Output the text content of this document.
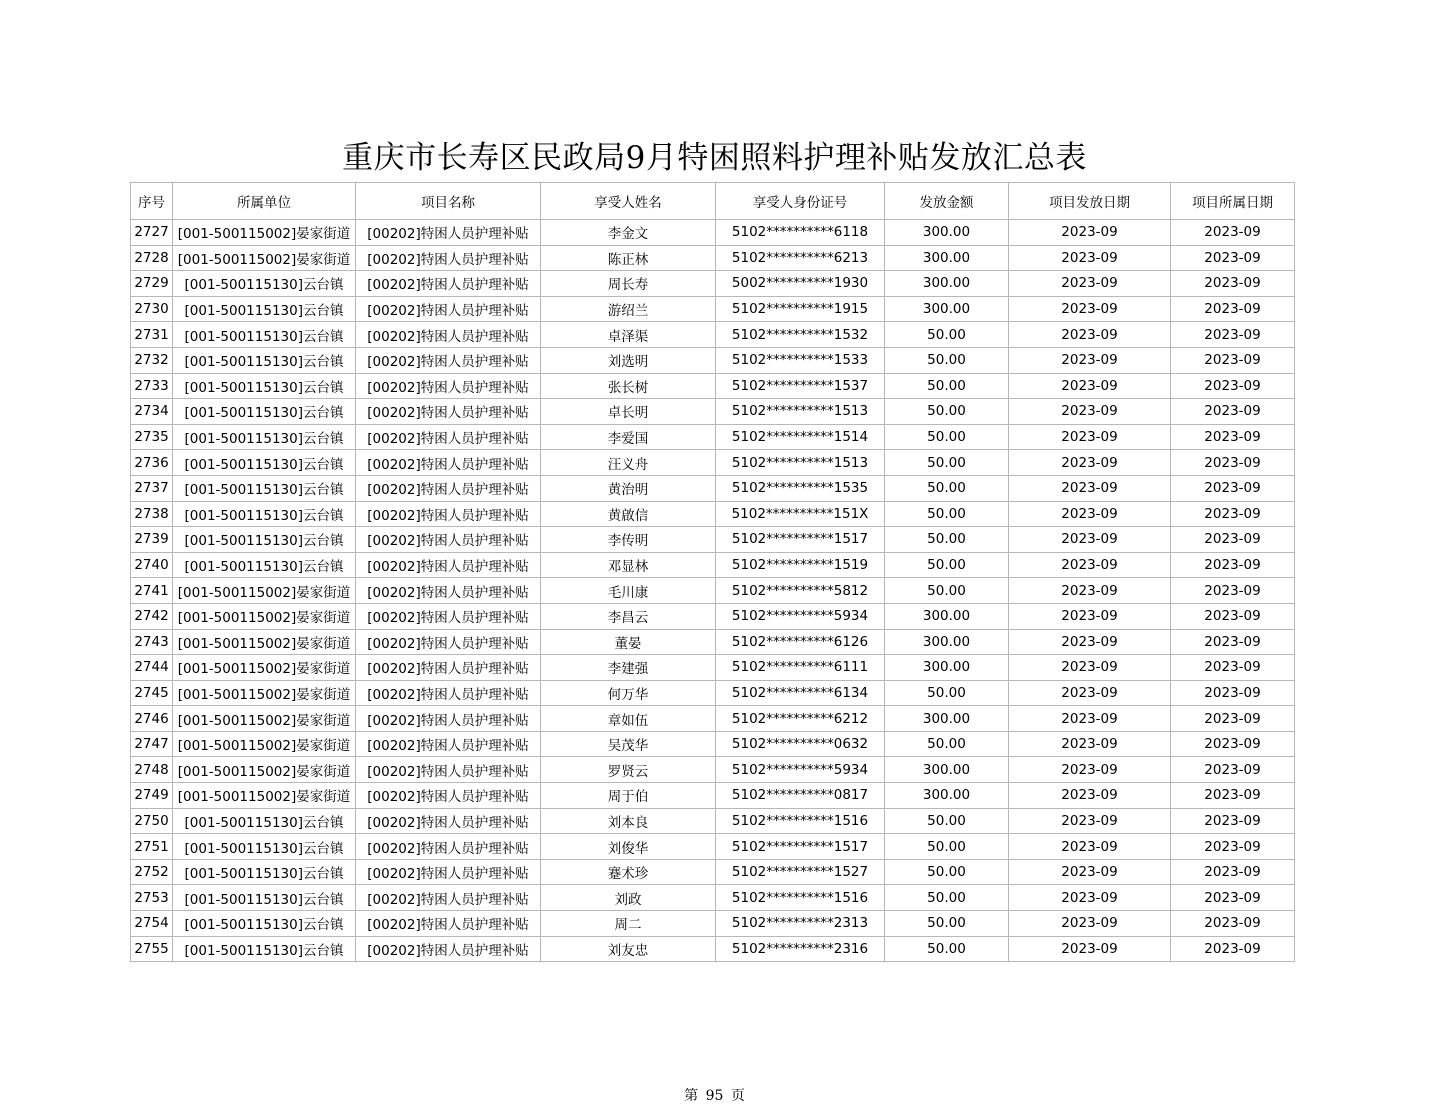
重庆市长寿区民政局9月特困照料护理补贴发放汇总表
序号	所属单位	项目名称	享受人姓名	享受人身份证号	发放金额	项目发放日期	项目所属日期
2727	[001-500115002]晏家街道	[00202]特困人员护理补贴	李金文	5102**********6118	300.00	2023-09	2023-09
2728	[001-500115002]晏家街道	[00202]特困人员护理补贴	陈正林	5102**********6213	300.00	2023-09	2023-09
2729	[001-500115130]云台镇	[00202]特困人员护理补贴	周长寿	5002**********1930	300.00	2023-09	2023-09
2730	[001-500115130]云台镇	[00202]特困人员护理补贴	游绍兰	5102**********1915	300.00	2023-09	2023-09
2731	[001-500115130]云台镇	[00202]特困人员护理补贴	卓泽渠	5102**********1532	50.00	2023-09	2023-09
2732	[001-500115130]云台镇	[00202]特困人员护理补贴	刘选明	5102**********1533	50.00	2023-09	2023-09
2733	[001-500115130]云台镇	[00202]特困人员护理补贴	张长树	5102**********1537	50.00	2023-09	2023-09
2734	[001-500115130]云台镇	[00202]特困人员护理补贴	卓长明	5102**********1513	50.00	2023-09	2023-09
2735	[001-500115130]云台镇	[00202]特困人员护理补贴	李爱国	5102**********1514	50.00	2023-09	2023-09
2736	[001-500115130]云台镇	[00202]特困人员护理补贴	汪义舟	5102**********1513	50.00	2023-09	2023-09
2737	[001-500115130]云台镇	[00202]特困人员护理补贴	黄治明	5102**********1535	50.00	2023-09	2023-09
2738	[001-500115130]云台镇	[00202]特困人员护理补贴	黄啟信	5102**********151X	50.00	2023-09	2023-09
2739	[001-500115130]云台镇	[00202]特困人员护理补贴	李传明	5102**********1517	50.00	2023-09	2023-09
2740	[001-500115130]云台镇	[00202]特困人员护理补贴	邓显林	5102**********1519	50.00	2023-09	2023-09
2741	[001-500115002]晏家街道	[00202]特困人员护理补贴	毛川康	5102**********5812	50.00	2023-09	2023-09
2742	[001-500115002]晏家街道	[00202]特困人员护理补贴	李昌云	5102**********5934	300.00	2023-09	2023-09
2743	[001-500115002]晏家街道	[00202]特困人员护理补贴	董晏	5102**********6126	300.00	2023-09	2023-09
2744	[001-500115002]晏家街道	[00202]特困人员护理补贴	李建强	5102**********6111	300.00	2023-09	2023-09
2745	[001-500115002]晏家街道	[00202]特困人员护理补贴	何万华	5102**********6134	50.00	2023-09	2023-09
2746	[001-500115002]晏家街道	[00202]特困人员护理补贴	章如伍	5102**********6212	300.00	2023-09	2023-09
2747	[001-500115002]晏家街道	[00202]特困人员护理补贴	吴茂华	5102**********0632	50.00	2023-09	2023-09
2748	[001-500115002]晏家街道	[00202]特困人员护理补贴	罗贤云	5102**********5934	300.00	2023-09	2023-09
2749	[001-500115002]晏家街道	[00202]特困人员护理补贴	周于伯	5102**********0817	300.00	2023-09	2023-09
2750	[001-500115130]云台镇	[00202]特困人员护理补贴	刘本良	5102**********1516	50.00	2023-09	2023-09
2751	[001-500115130]云台镇	[00202]特困人员护理补贴	刘俊华	5102**********1517	50.00	2023-09	2023-09
2752	[001-500115130]云台镇	[00202]特困人员护理补贴	蹇术珍	5102**********1527	50.00	2023-09	2023-09
2753	[001-500115130]云台镇	[00202]特困人员护理补贴	刘政	5102**********1516	50.00	2023-09	2023-09
2754	[001-500115130]云台镇	[00202]特困人员护理补贴	周二	5102**********2313	50.00	2023-09	2023-09
2755	[001-500115130]云台镇	[00202]特困人员护理补贴	刘友忠	5102**********2316	50.00	2023-09	2023-09
第 95 页
